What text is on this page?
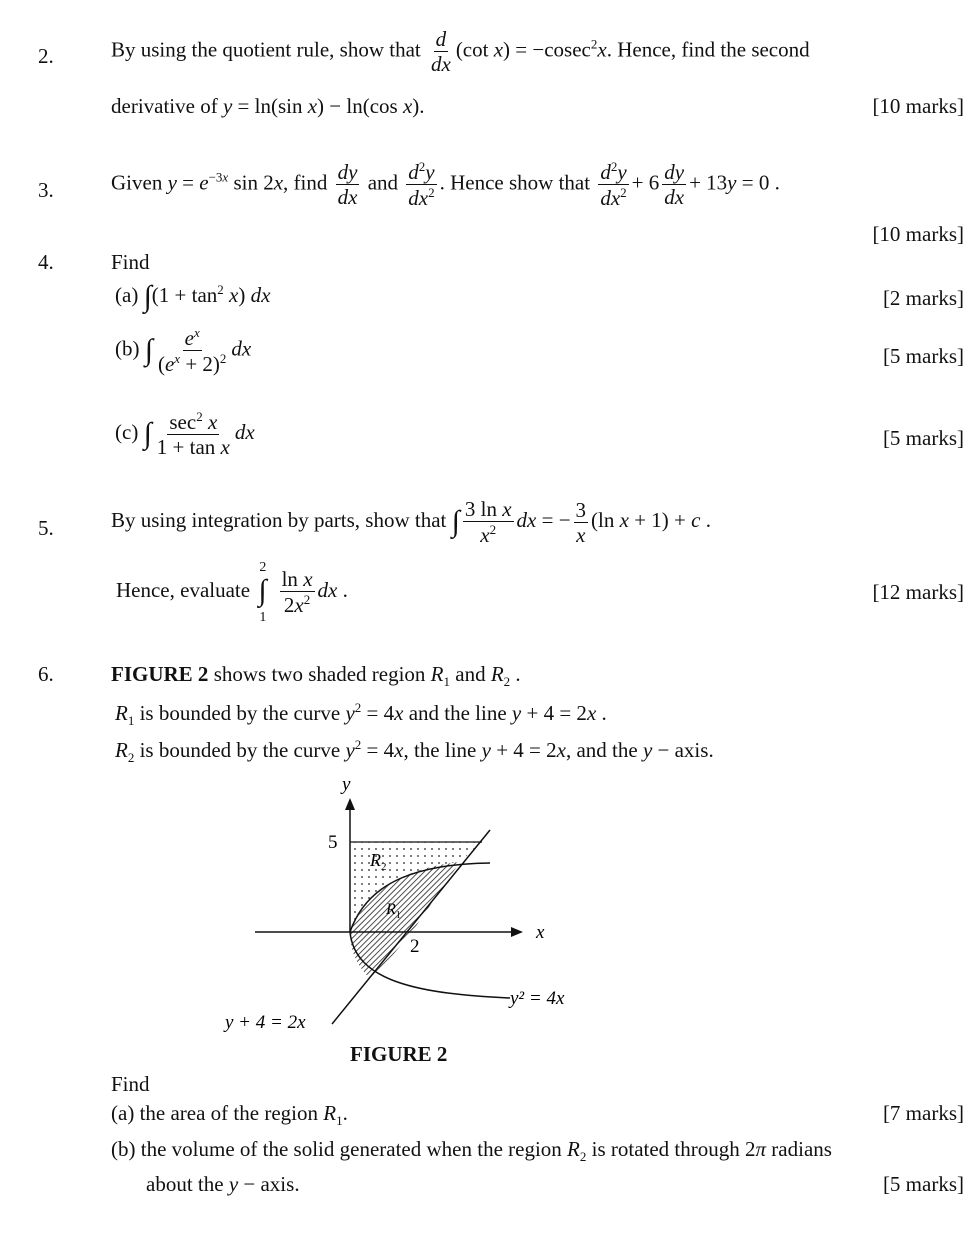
2.	By using the quotient rule, show that $\frac{d}{dx} (\cot$ x) = −cosec$^2$x. Hence, find the second
derivative of y = ln(sin x) − ln(cos x).	[10 marks]
3.	Given $y = e^{-3x}$ sin 2x, find $\frac{dy}{dx}$ and $\frac{d^2y}{dx^2}$ . Hence show that $\frac{d^2y}{dx^2} + 6 \frac{dy}{dx} + 13y = 0$ .
[10 marks]
4.	Find
(a) $\int(1 + \tan^2 x)$ dx	[2 marks]
(b) ∫ $\frac{e^x}{(e^x + 2)^2}$ dx	[5 marks]
(c) ∫ $\frac{\sec^2 x}{\text{1 + tan x}}$ dx	[5 marks]
5.	By using integration by parts, show that ∫ $\frac{\text{3 ln x}}{x^2}$ dx = − $\frac{3}{x} (\ln$ x + 1) + c .
Hence, evaluate ∫
2
1

$\frac{\text{ln x}}{2x^2}$ dx .	[12 marks]
6.	FIGURE 2 shows two shaded region $R_1$ and $R_2$ .
$R_1$ is bounded by the curve $y^2 = 4x$ and the line y + 4 = 2x .
$R_2$ is bounded by the curve $y^2 = 4x$, the line y + 4 = 2x, and the y − axis.
y
x
5
2
$R_2$
$R_1$
y² = 4x
y + 4 = 2x
FIGURE 2
Find
(a) the area of the region $R_1$.	[7 marks]
(b) the volume of the solid generated when the region $R_2$ is rotated through 2π radians
about the y − axis.	[5 marks]
